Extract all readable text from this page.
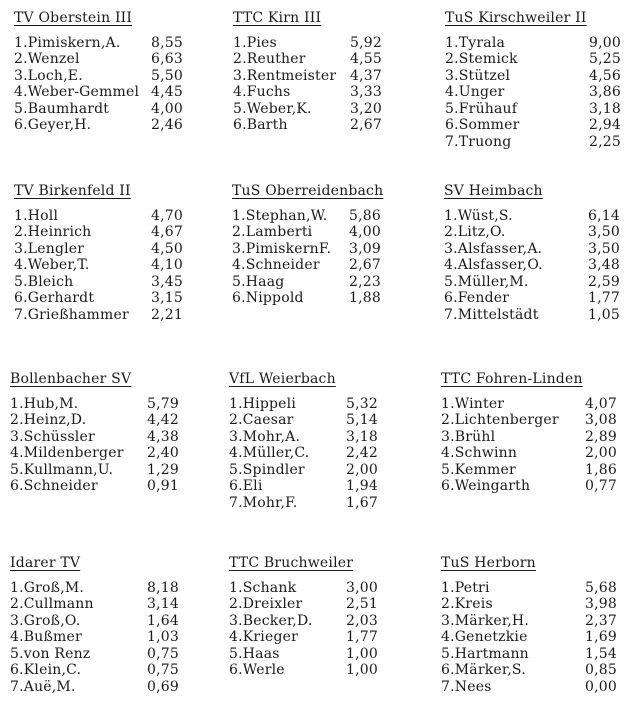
TV Oberstein III
1.Pimiskern,A.	8,55
2.Wenzel	6,63
3.Loch,E.	5,50
4.Weber-Gemmel 4,45
5.Baumhardt	4,00
6.Geyer,H.	2,46
TTC Kirn III
1.Pies	5,92
2.Reuther	4,55
3.Rentmeister 4,37
4.Fuchs	3,33
5.Weber,K.	3,20
6.Barth	2,67
TuS Kirschweiler II
1.Tyrala	9,00
2.Stemick	5,25
3.Stützel	4,56
4.Unger	3,86
5.Frühauf	3,18
6.Sommer	2,94
7.Truong	2,25
TV Birkenfeld II
1.Holl	4,70
2.Heinrich	4,67
3.Lengler	4,50
4.Weber,T.	4,10
5.Bleich	3,45
6.Gerhardt	3,15
7.Grießhammer	2,21
TuS Oberreidenbach
1.Stephan,W.	5,86
2.Lamberti	4,00
3.PimiskernF.	3,09
4.Schneider	2,67
5.Haag	2,23
6.Nippold	1,88
SV Heimbach
1.Wüst,S.	6,14
2.Litz,O.	3,50
3.Alsfasser,A.	3,50
4.Alsfasser,O.	3,48
5.Müller,M.	2,59
6.Fender	1,77
7.Mittelstädt	1,05
Bollenbacher SV
1.Hub,M.	5,79
2.Heinz,D.	4,42
3.Schüssler	4,38
4.Mildenberger	2,40
5.Kullmann,U.	1,29
6.Schneider	0,91
VfL Weierbach
1.Hippeli	5,32
2.Caesar	5,14
3.Mohr,A.	3,18
4.Müller,C.	2,42
5.Spindler	2,00
6.Eli	1,94
7.Mohr,F.	1,67
TTC Fohren-Linden
1.Winter	4,07
2.Lichtenberger	3,08
3.Brühl	2,89
4.Schwinn	2,00
5.Kemmer	1,86
6.Weingarth	0,77
Idarer TV
1.Groß,M.	8,18
2.Cullmann	3,14
3.Groß,O.	1,64
4.Bußmer	1,03
5.von Renz	0,75
6.Klein,C.	0,75
7.Auë,M.	0,69
TTC Bruchweiler
1.Schank	3,00
2.Dreixler	2,51
3.Becker,D.	2,03
4.Krieger	1,77
5.Haas	1,00
6.Werle	1,00
TuS Herborn
1.Petri	5,68
2.Kreis	3,98
3.Märker,H.	2,37
4.Genetzkie	1,69
5.Hartmann	1,54
6.Märker,S.	0,85
7.Nees	0,00
